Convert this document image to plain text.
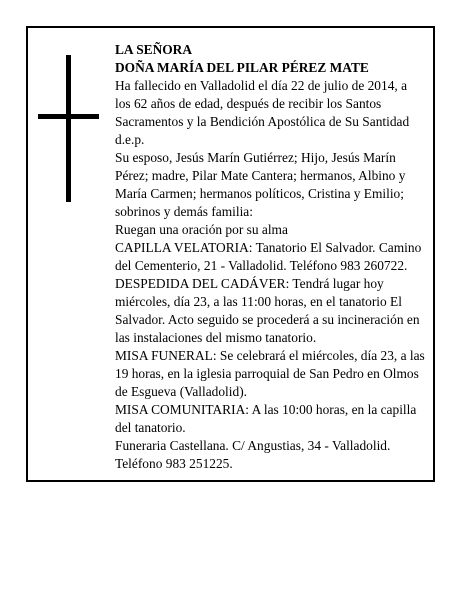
LA SEÑORA

DOÑA MARÍA DEL PILAR PÉREZ MATE

Ha fallecido en Valladolid el día 22 de julio de 2014, a los 62 años de edad, después de recibir los Santos Sacramentos y la Bendición Apostólica de Su Santidad d.e.p.

Su esposo, Jesús Marín Gutiérrez; Hijo, Jesús Marín Pérez; madre, Pilar Mate Cantera; hermanos, Albino y María Carmen; hermanos políticos, Cristina y Emilio; sobrinos y demás familia:

Ruegan una oración por su alma

CAPILLA VELATORIA: Tanatorio El Salvador. Camino del Cementerio, 21 - Valladolid. Teléfono 983 260722.

DESPEDIDA DEL CADÁVER: Tendrá lugar hoy miércoles, día 23, a las 11:00 horas, en el tanatorio El Salvador. Acto seguido se procederá a su incineración en las instalaciones del mismo tanatorio.

MISA FUNERAL: Se celebrará el miércoles, día 23, a las 19 horas, en la iglesia parroquial de San Pedro en Olmos de Esgueva (Valladolid).

MISA COMUNITARIA: A las 10:00 horas, en la capilla del tanatorio.

Funeraria Castellana. C/ Angustias, 34 - Valladolid. Teléfono 983 251225.
